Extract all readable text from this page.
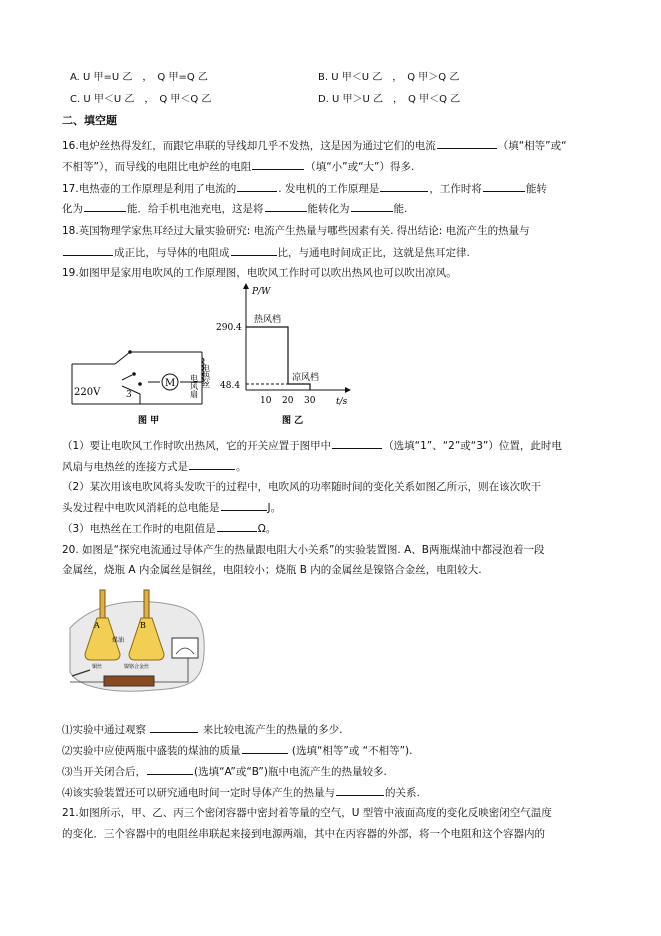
A. U 甲=U 乙　，　Q 甲=Q 乙	B. U 甲＜U 乙　，　Q 甲＞Q 乙
C. U 甲＜U 乙　，　Q 甲＜Q 乙	D. U 甲＞U 乙　，　Q 甲＜Q 乙
二、填空题
16.电炉丝热得发红，而跟它串联的导线却几乎不发热，这是因为通过它们的电流	（填“相等”或“
不相等”），而导线的电阻比电炉丝的电阻	（填“小”或“大”）得多.
17.电热壶的工作原理是利用了电流的	. 发电机的工作原理是	，工作时将	能转
化为	能．给手机电池充电，这是将	能转化为	能.
18.英国物理学家焦耳经过大量实验研究: 电流产生热量与哪些因素有关. 得出结论: 电流产生的热量与
成正比，与导体的电阻成	比，与通电时间成正比，这就是焦耳定律.
19.如图甲是家用电吹风的工作原理图，电吹风工作时可以吹出热风也可以吹出凉风。
M
220V	3
电热丝
电风扇
图 甲
P/W
t/s
290.4
48.4
10 20 30
热风档
凉风档
图 乙
（1）要让电吹风工作时吹出热风，它的开关应置于图甲中	（选填“1”、“2”或“3”）位置，此时电
风扇与电热丝的连接方式是	。
（2）某次用该电吹风将头发吹干的过程中，电吹风的功率随时间的变化关系如图乙所示，则在该次吹干
头发过程中电吹风消耗的总电能是	J。
（3）电热丝在工作时的电阻值是	Ω。
20. 如图是“探究电流通过导体产生的热量跟电阻大小关系”的实验装置图. A、B两瓶煤油中都浸泡着一段
金属丝，烧瓶 A 内金属丝是铜丝，电阻较小；烧瓶 B 内的金属丝是镍铬合金丝，电阻较大.
A	B
煤油
铜丝	镍铬合金丝
⑴实验中通过观察	来比较电流产生的热量的多少.
⑵实验中应使两瓶中盛装的煤油的质量	(选填“相等”或 “不相等”).
⑶当开关闭合后，	(选填“A”或“B”)瓶中电流产生的热量较多.
⑷该实验装置还可以研究通电时间一定时导体产生的热量与	的关系.
21.如图所示，甲、乙、丙三个密闭容器中密封着等量的空气，U 型管中液面高度的变化反映密闭空气温度
的变化．三个容器中的电阻丝串联起来接到电源两端，其中在丙容器的外部，将一个电阻和这个容器内的
